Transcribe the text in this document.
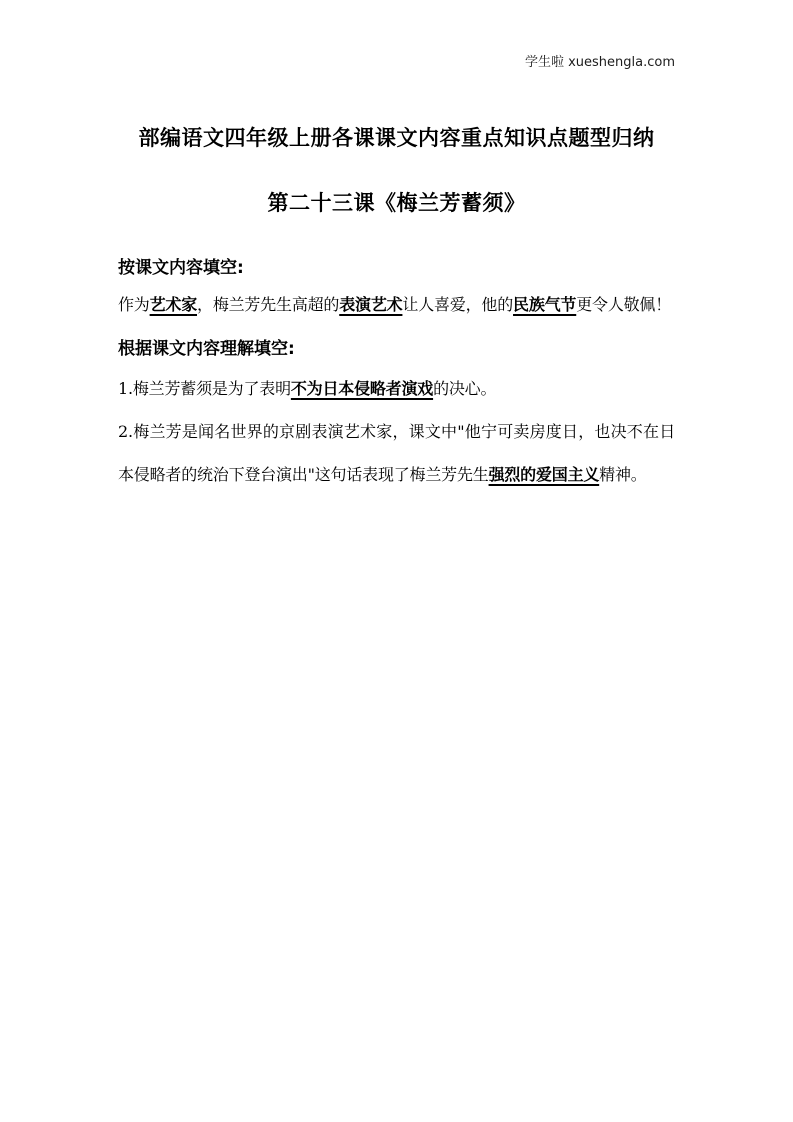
学生啦 xueshengla.com
部编语文四年级上册各课课文内容重点知识点题型归纳
第二十三课《梅兰芳蓄须》
按课文内容填空:

作为艺术家，梅兰芳先生高超的表演艺术让人喜爱，他的民族气节更令人敬佩！

根据课文内容理解填空:

1.梅兰芳蓄须是为了表明不为日本侵略者演戏的决心。

2.梅兰芳是闻名世界的京剧表演艺术家，课文中"他宁可卖房度日，也决不在日本侵略者的统治下登台演出"这句话表现了梅兰芳先生强烈的爱国主义精神。
